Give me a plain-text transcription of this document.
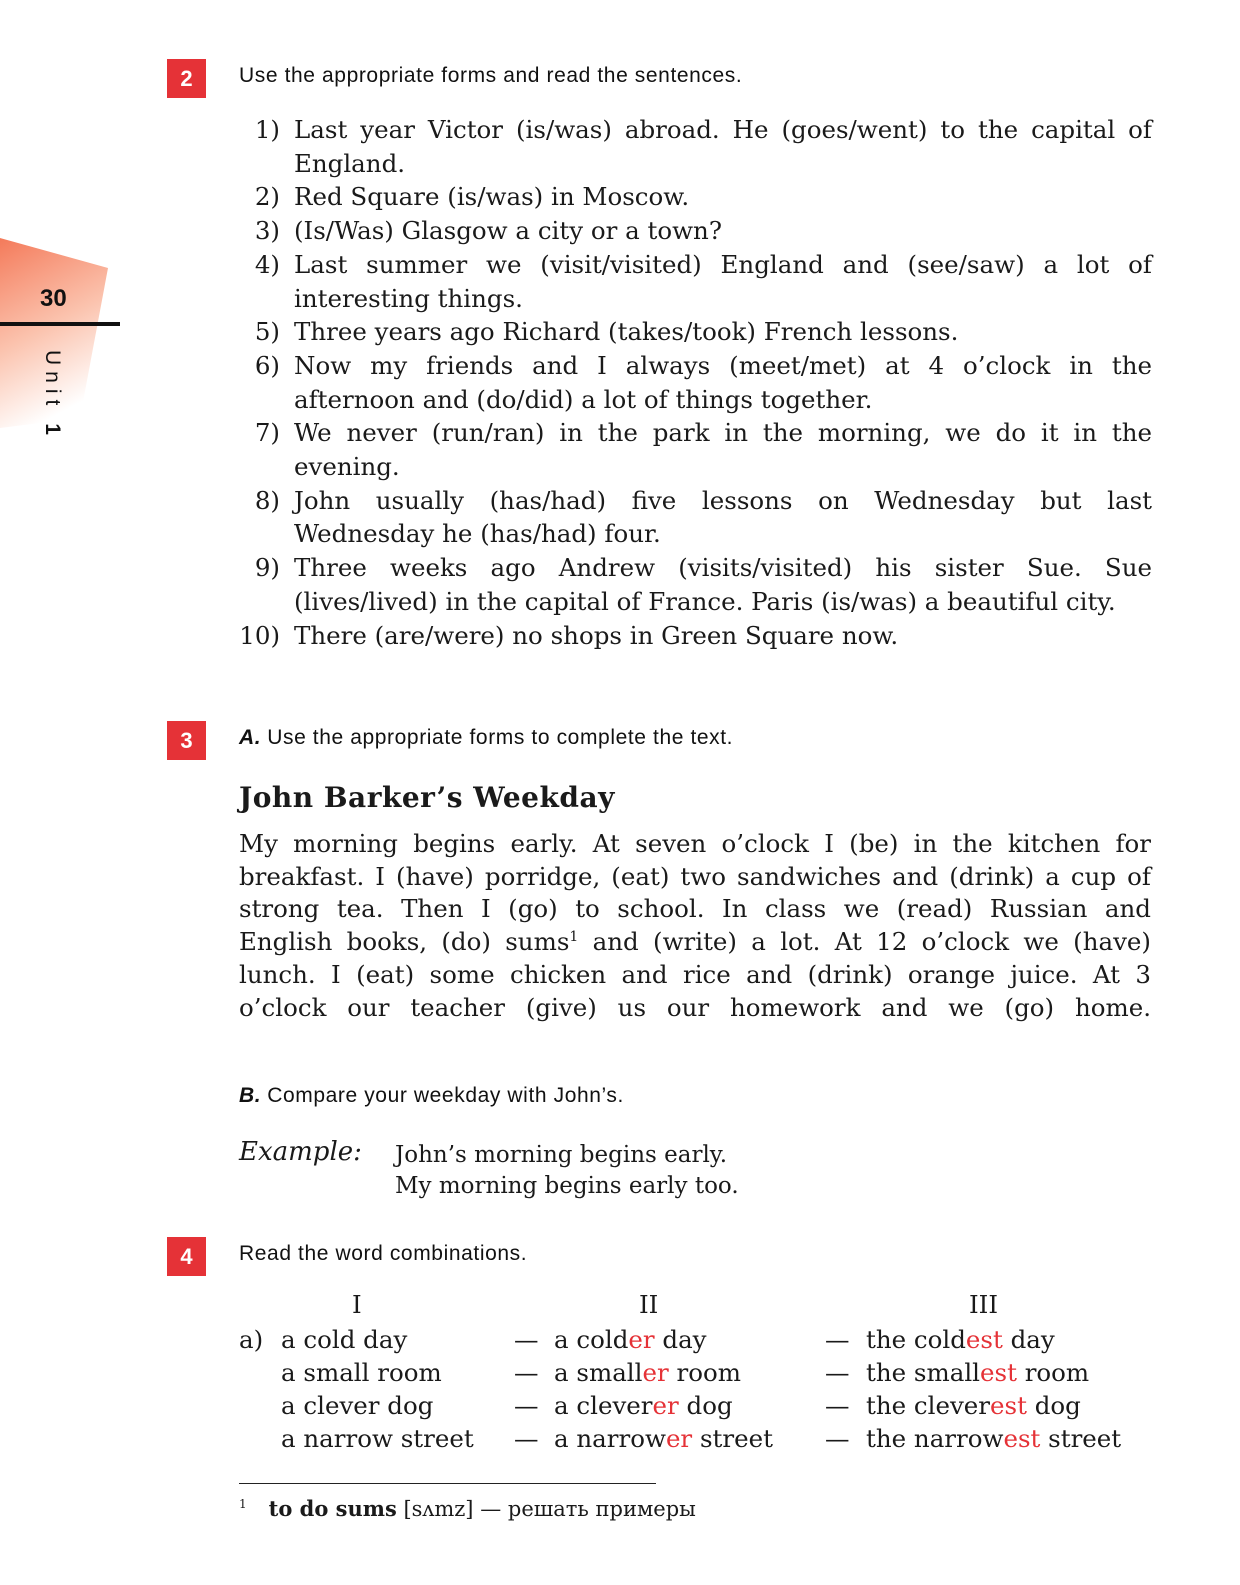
30
Unit 1
2	Use the appropriate forms and read the sentences.
1) Last year Victor (is/was) abroad. He (goes/went) to the capital of England.
2) Red Square (is/was) in Moscow.
3) (Is/Was) Glasgow a city or a town?
4) Last summer we (visit/visited) England and (see/saw) a lot of interesting things.
5) Three years ago Richard (takes/took) French lessons.
6) Now my friends and I always (meet/met) at 4 o’clock in the afternoon and (do/did) a lot of things together.
7) We never (run/ran) in the park in the morning, we do it in the evening.
8) John usually (has/had) five lessons on Wednesday but last Wednesday he (has/had) four.
9) Three weeks ago Andrew (visits/visited) his sister Sue. Sue (lives/lived) in the capital of France. Paris (is/was) a beautiful city.
10) There (are/were) no shops in Green Square now.
3	A. Use the appropriate forms to complete the text.
John Barker’s Weekday
My morning begins early. At seven o’clock I (be) in the kitchen for breakfast. I (have) porridge, (eat) two sandwiches and (drink) a cup of strong tea. Then I (go) to school. In class we (read) Russian and English books, (do) sums$^1$ and (write) a lot. At 12 o’clock we (have) lunch. I (eat) some chicken and rice and (drink) orange juice. At 3 o’clock our teacher (give) us our homework and we (go) home.
B. Compare your weekday with John’s.
Example: John’s morning begins early.
My morning begins early too.
4	Read the word combinations.
I	II	III
a) a cold day	— a colder day	— the coldest day
a small room	— a smaller room	— the smallest room
a clever dog	— a cleverer dog	— the cleverest dog
a narrow street — a narrower street — the narrowest street
$^1$ to do sums [sʌmz] — решать примеры
